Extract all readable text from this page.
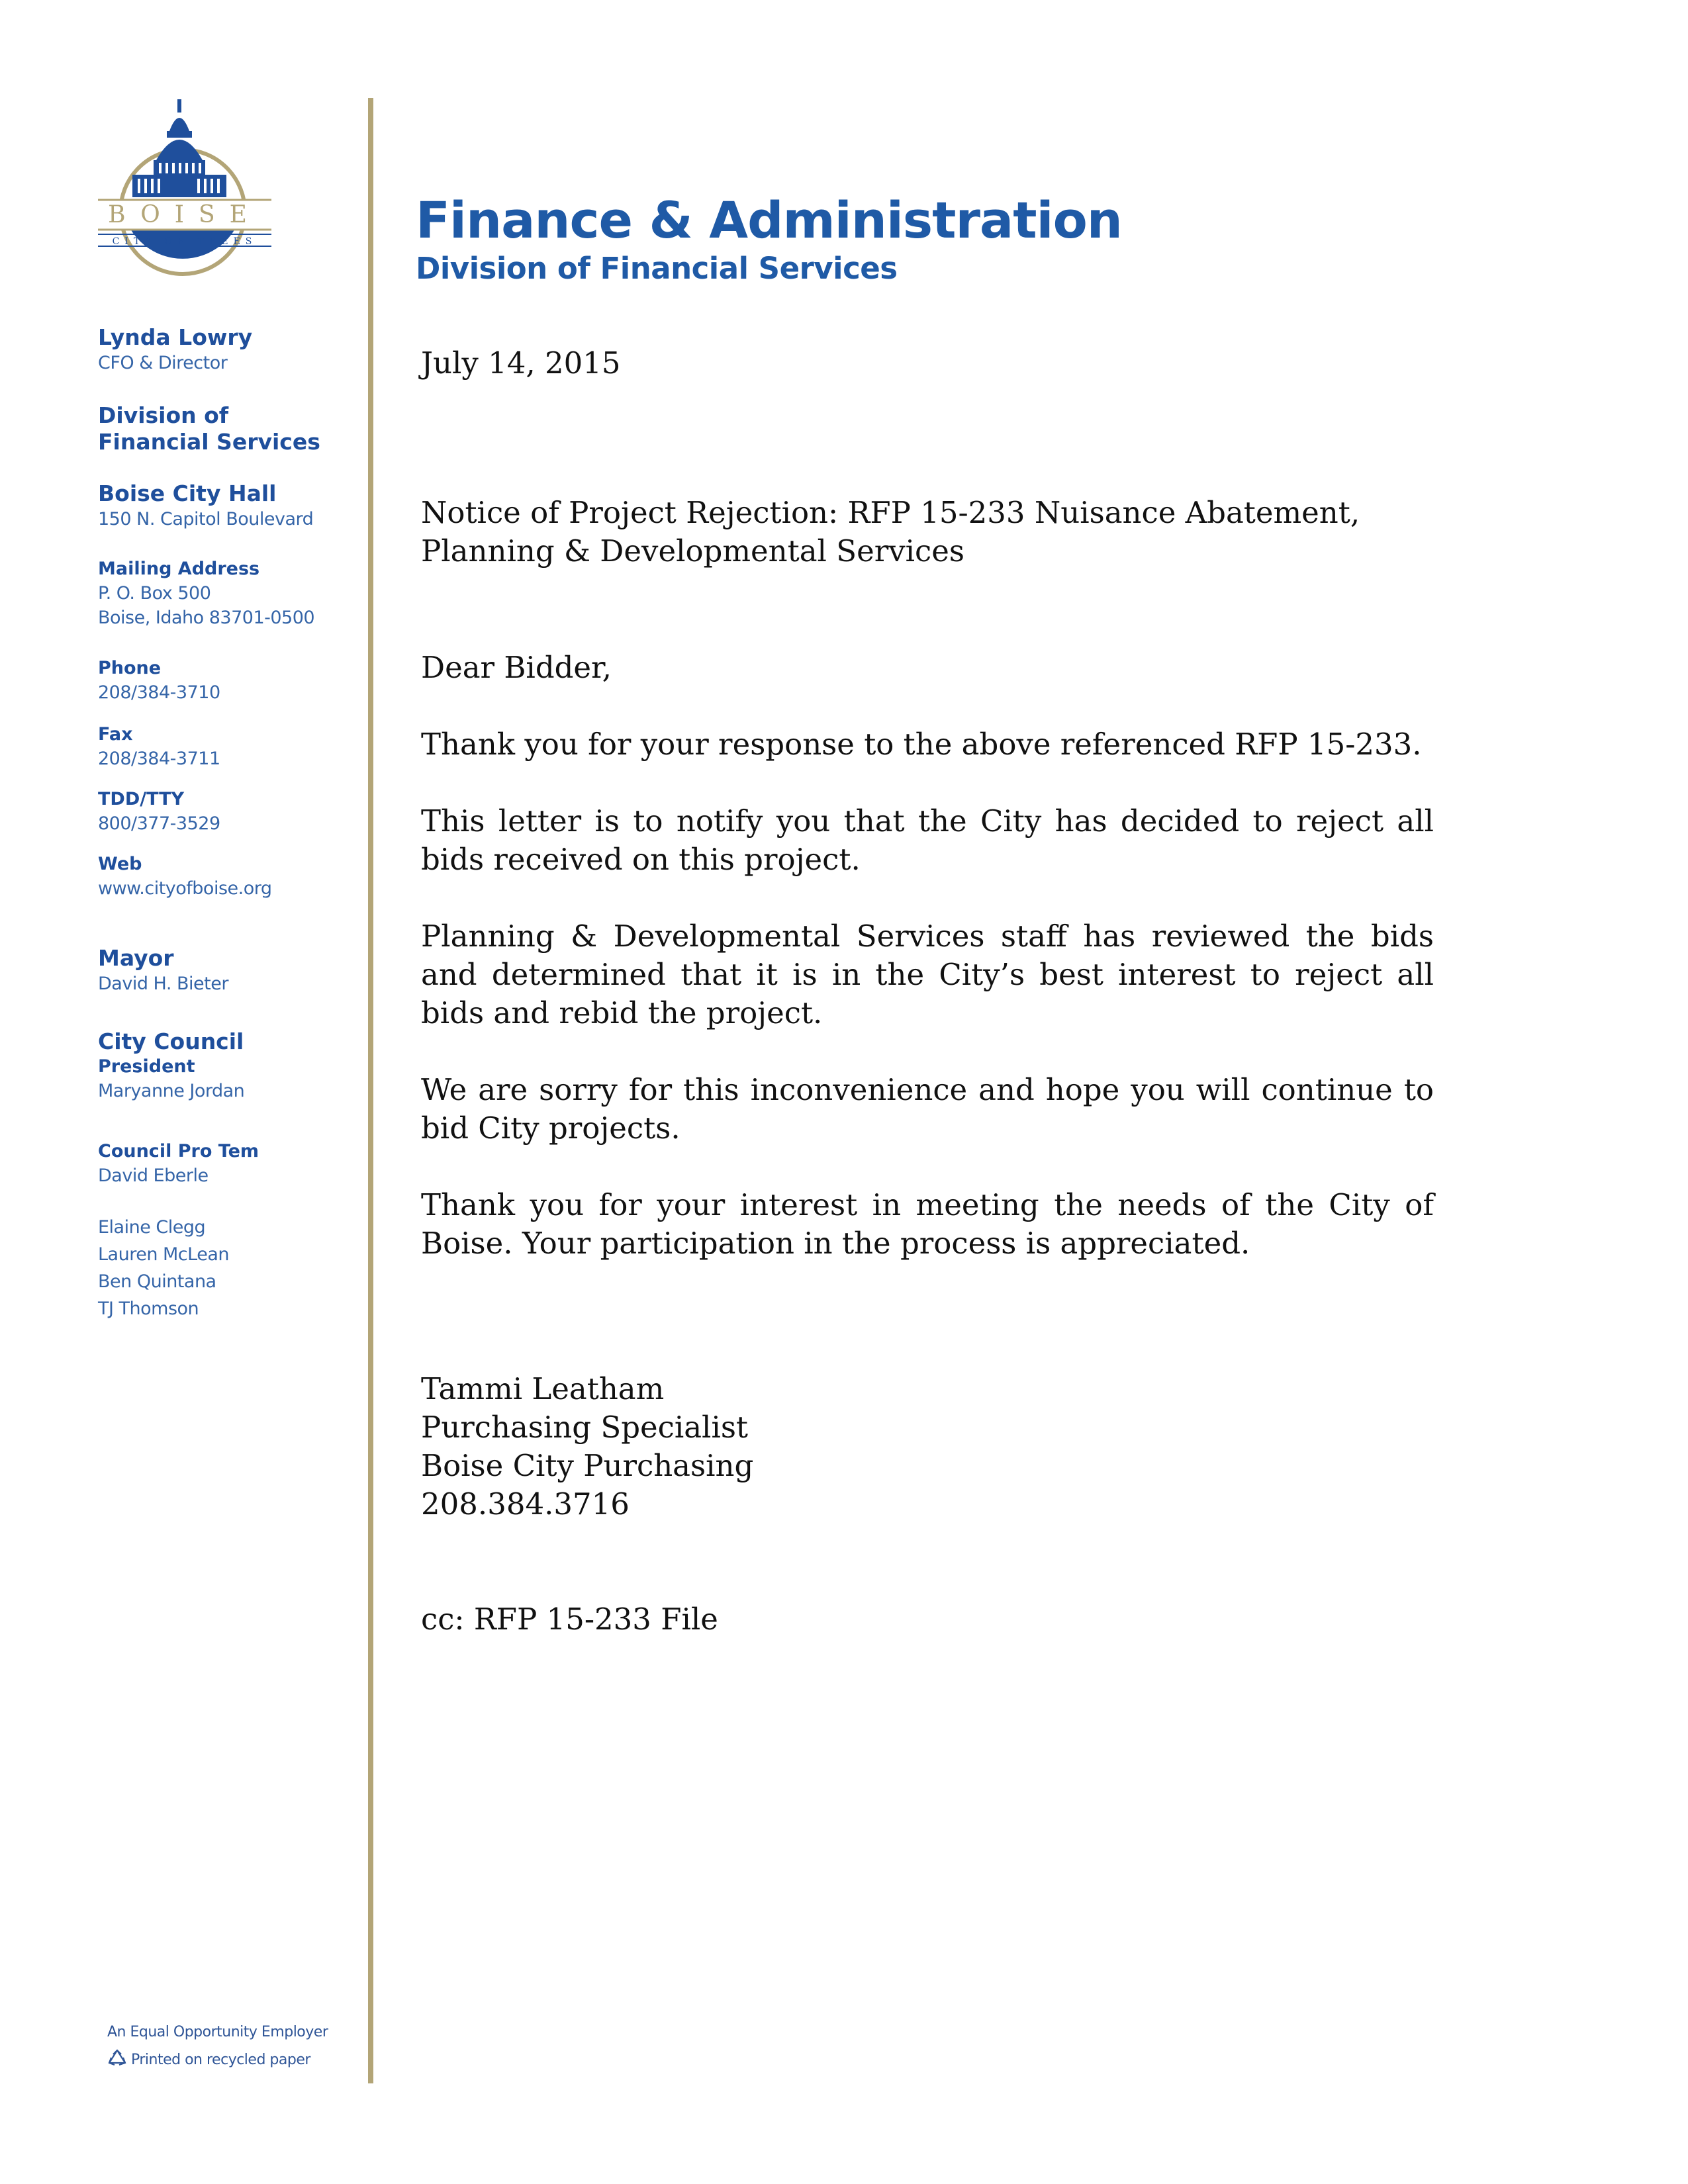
BOISE
CITY OF TREES
Lynda Lowry
CFO & Director
Division of
Financial Services
Boise City Hall
150 N. Capitol Boulevard
Mailing Address
P. O. Box 500
Boise, Idaho 83701-0500
Phone
208/384-3710
Fax
208/384-3711
TDD/TTY
800/377-3529
Web
www.cityofboise.org
Mayor
David H. Bieter
City Council
President
Maryanne Jordan
Council Pro Tem
David Eberle
Elaine Clegg
Lauren McLean
Ben Quintana
TJ Thomson
An Equal Opportunity Employer
Printed on recycled paper
Finance & Administration
Division of Financial Services

July 14, 2015

Notice of Project Rejection: RFP 15-233 Nuisance Abatement, Planning & Developmental Services

Dear Bidder,

Thank you for your response to the above referenced RFP 15-233.

This letter is to notify you that the City has decided to reject all bids received on this project.

Planning & Developmental Services staff has reviewed the bids and determined that it is in the City’s best interest to reject all bids and rebid the project.

We are sorry for this inconvenience and hope you will continue to bid City projects.

Thank you for your interest in meeting the needs of the City of Boise. Your participation in the process is appreciated.

Tammi Leatham
Purchasing Specialist
Boise City Purchasing
208.384.3716

cc: RFP 15-233 File
